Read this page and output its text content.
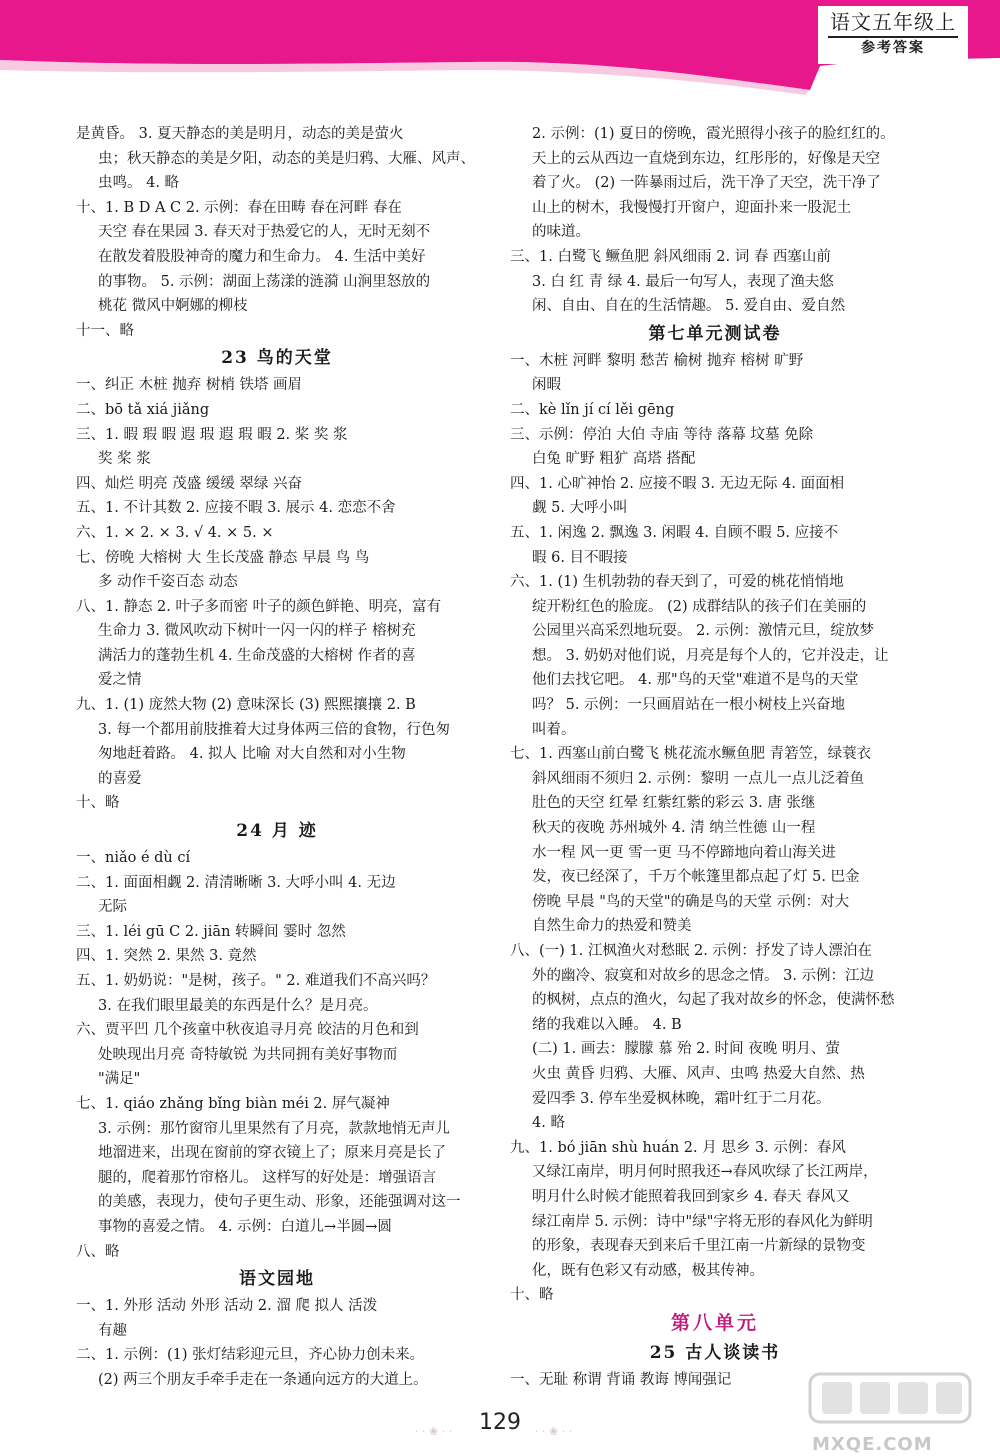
语文五年级上
参考答案
是黄昏。 3. 夏天静态的美是明月，动态的美是萤火
虫；秋天静态的美是夕阳，动态的美是归鸦、大雁、风声、
虫鸣。 4. 略
十、1. B D A C 2. 示例：春在田畴 春在河畔 春在
天空 春在果园 3. 春天对于热爱它的人，无时无刻不
在散发着股股神奇的魔力和生命力。 4. 生活中美好
的事物。 5. 示例：湖面上荡漾的涟漪 山涧里怒放的
桃花 微风中婀娜的柳枝
十一、略
23 鸟的天堂
一、纠正 木桩 抛弃 树梢 铁塔 画眉
二、bō tǎ xiá jiǎng
三、1. 暇 瑕 暇 遐 瑕 遐 瑕 暇 2. 桨 奖 浆
奖 桨 浆
四、灿烂 明亮 茂盛 缓缓 翠绿 兴奋
五、1. 不计其数 2. 应接不暇 3. 展示 4. 恋恋不舍
六、1. × 2. × 3. √ 4. × 5. ×
七、傍晚 大榕树 大 生长茂盛 静态 早晨 鸟 鸟
多 动作千姿百态 动态
八、1. 静态 2. 叶子多而密 叶子的颜色鲜艳、明亮，富有
生命力 3. 微风吹动下树叶一闪一闪的样子 榕树充
满活力的蓬勃生机 4. 生命茂盛的大榕树 作者的喜
爱之情
九、1. (1) 庞然大物 (2) 意味深长 (3) 熙熙攘攘 2. B
3. 每一个都用前肢推着大过身体两三倍的食物，行色匆
匆地赶着路。 4. 拟人 比喻 对大自然和对小生物
的喜爱
十、略
24 月 迹
一、niǎo é dù cí
二、1. 面面相觑 2. 清清晰晰 3. 大呼小叫 4. 无边
无际
三、1. léi gū C 2. jiān 转瞬间 霎时 忽然
四、1. 突然 2. 果然 3. 竟然
五、1. 奶奶说："是树，孩子。" 2. 难道我们不高兴吗？
3. 在我们眼里最美的东西是什么？是月亮。
六、贾平凹 几个孩童中秋夜追寻月亮 皎洁的月色和到
处映现出月亮 奇特敏锐 为共同拥有美好事物而
"满足"
七、1. qiáo zhǎng bǐng biàn méi 2. 屏气凝神
3. 示例：那竹窗帘儿里果然有了月亮，款款地悄无声儿
地溜进来，出现在窗前的穿衣镜上了；原来月亮是长了
腿的，爬着那竹帘格儿。 这样写的好处是：增强语言
的美感，表现力，使句子更生动、形象，还能强调对这一
事物的喜爱之情。 4. 示例：白道儿→半圆→圆
八、略
语文园地
一、1. 外形 活动 外形 活动 2. 溜 爬 拟人 活泼
有趣
二、1. 示例：(1) 张灯结彩迎元旦，齐心协力创未来。
(2) 两三个朋友手牵手走在一条通向远方的大道上。
2. 示例：(1) 夏日的傍晚，霞光照得小孩子的脸红红的。
天上的云从西边一直烧到东边，红彤彤的，好像是天空
着了火。 (2) 一阵暴雨过后，洗干净了天空，洗干净了
山上的树木，我慢慢打开窗户，迎面扑来一股泥土
的味道。
三、1. 白鹭飞 鳜鱼肥 斜风细雨 2. 词 春 西塞山前
3. 白 红 青 绿 4. 最后一句写人，表现了渔夫悠
闲、自由、自在的生活情趣。 5. 爱自由、爱自然
第七单元测试卷
一、木桩 河畔 黎明 愁苦 榆树 抛弃 榕树 旷野
闲暇
二、kè lǐn jí cí lěi gēng
三、示例：停泊 大伯 寺庙 等待 落幕 坟墓 免除
白兔 旷野 粗犷 高塔 搭配
四、1. 心旷神怡 2. 应接不暇 3. 无边无际 4. 面面相
觑 5. 大呼小叫
五、1. 闲逸 2. 飘逸 3. 闲暇 4. 自顾不暇 5. 应接不
暇 6. 目不暇接
六、1. (1) 生机勃勃的春天到了，可爱的桃花悄悄地
绽开粉红色的脸庞。 (2) 成群结队的孩子们在美丽的
公园里兴高采烈地玩耍。 2. 示例：激情元旦，绽放梦
想。 3. 奶奶对他们说，月亮是每个人的，它并没走，让
他们去找它吧。 4. 那"鸟的天堂"难道不是鸟的天堂
吗？ 5. 示例：一只画眉站在一根小树枝上兴奋地
叫着。
七、1. 西塞山前白鹭飞 桃花流水鳜鱼肥 青箬笠，绿蓑衣
斜风细雨不须归 2. 示例：黎明 一点儿一点儿泛着鱼
肚色的天空 红晕 红紫红紫的彩云 3. 唐 张继
秋天的夜晚 苏州城外 4. 清 纳兰性德 山一程
水一程 风一更 雪一更 马不停蹄地向着山海关进
发，夜已经深了，千万个帐篷里都点起了灯 5. 巴金
傍晚 早晨 "鸟的天堂"的确是鸟的天堂 示例：对大
自然生命力的热爱和赞美
八、(一) 1. 江枫渔火对愁眠 2. 示例：抒发了诗人漂泊在
外的幽冷、寂寞和对故乡的思念之情。 3. 示例：江边
的枫树，点点的渔火，勾起了我对故乡的怀念，使满怀愁
绪的我难以入睡。 4. B
(二) 1. 画去：朦朦 慕 殆 2. 时间 夜晚 明月、萤
火虫 黄昏 归鸦、大雁、风声、虫鸣 热爱大自然、热
爱四季 3. 停车坐爱枫林晚，霜叶红于二月花。
4. 略
九、1. bó jiān shù huán 2. 月 思乡 3. 示例：春风
又绿江南岸，明月何时照我还→春风吹绿了长江两岸，
明月什么时候才能照着我回到家乡 4. 春天 春风又
绿江南岸 5. 示例：诗中"绿"字将无形的春风化为鲜明
的形象，表现春天到来后千里江南一片新绿的景物变
化，既有色彩又有动感，极其传神。
十、略
第八单元
25 古人谈读书
一、无耻 称谓 背诵 教诲 博闻强记
· · ❀ · ·	129	· · ❀ · ·
MXQE.COM
